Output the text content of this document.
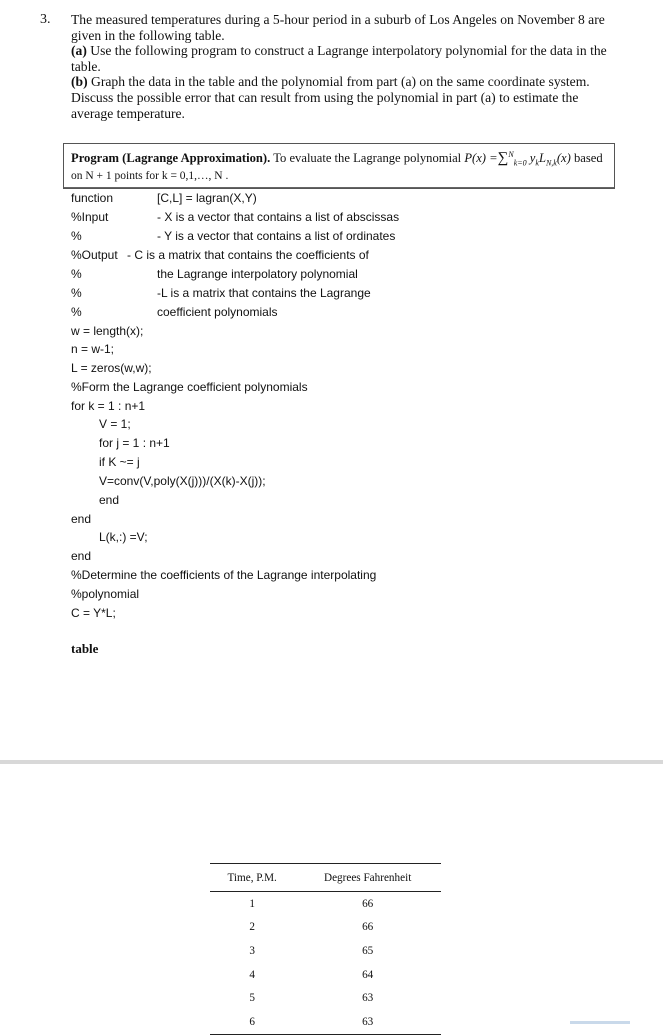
3. The measured temperatures during a 5-hour period in a suburb of Los Angeles on November 8 are given in the following table.

(a) Use the following program to construct a Lagrange interpolatory polynomial for the data in the table.

(b) Graph the data in the table and the polynomial from part (a) on the same coordinate system. Discuss the possible error that can result from using the polynomial in part (a) to estimate the average temperature.

Program (Lagrange Approximation). To evaluate the Lagrange polynomial P(x) =∑$^N_{k=0}$ $y_kL_{N,k}(x)$ based
on N + 1 points for k = 0,1,…, N .
function	[C,L] = lagran(X,Y)
%Input	- X is a vector that contains a list of abscissas
%	- Y is a vector that contains a list of ordinates
%Output - C is a matrix that contains the coefficients of
%	the Lagrange interpolatory polynomial
%	-L is a matrix that contains the Lagrange
%	coefficient polynomials
w = length(x);
n = w-1;
L = zeros(w,w);
%Form the Lagrange coefficient polynomials
for k = 1 : n+1
V = 1;
for j = 1 : n+1
if K ~= j
V=conv(V,poly(X(j)))/(X(k)-X(j));
end
end
L(k,:) =V;
end
%Determine the coefficients of the Lagrange interpolating
%polynomial
C = Y*L;
table
Time, P.M.	Degrees Fahrenheit
1	66
2	66
3	65
4	64
5	63
6	63
